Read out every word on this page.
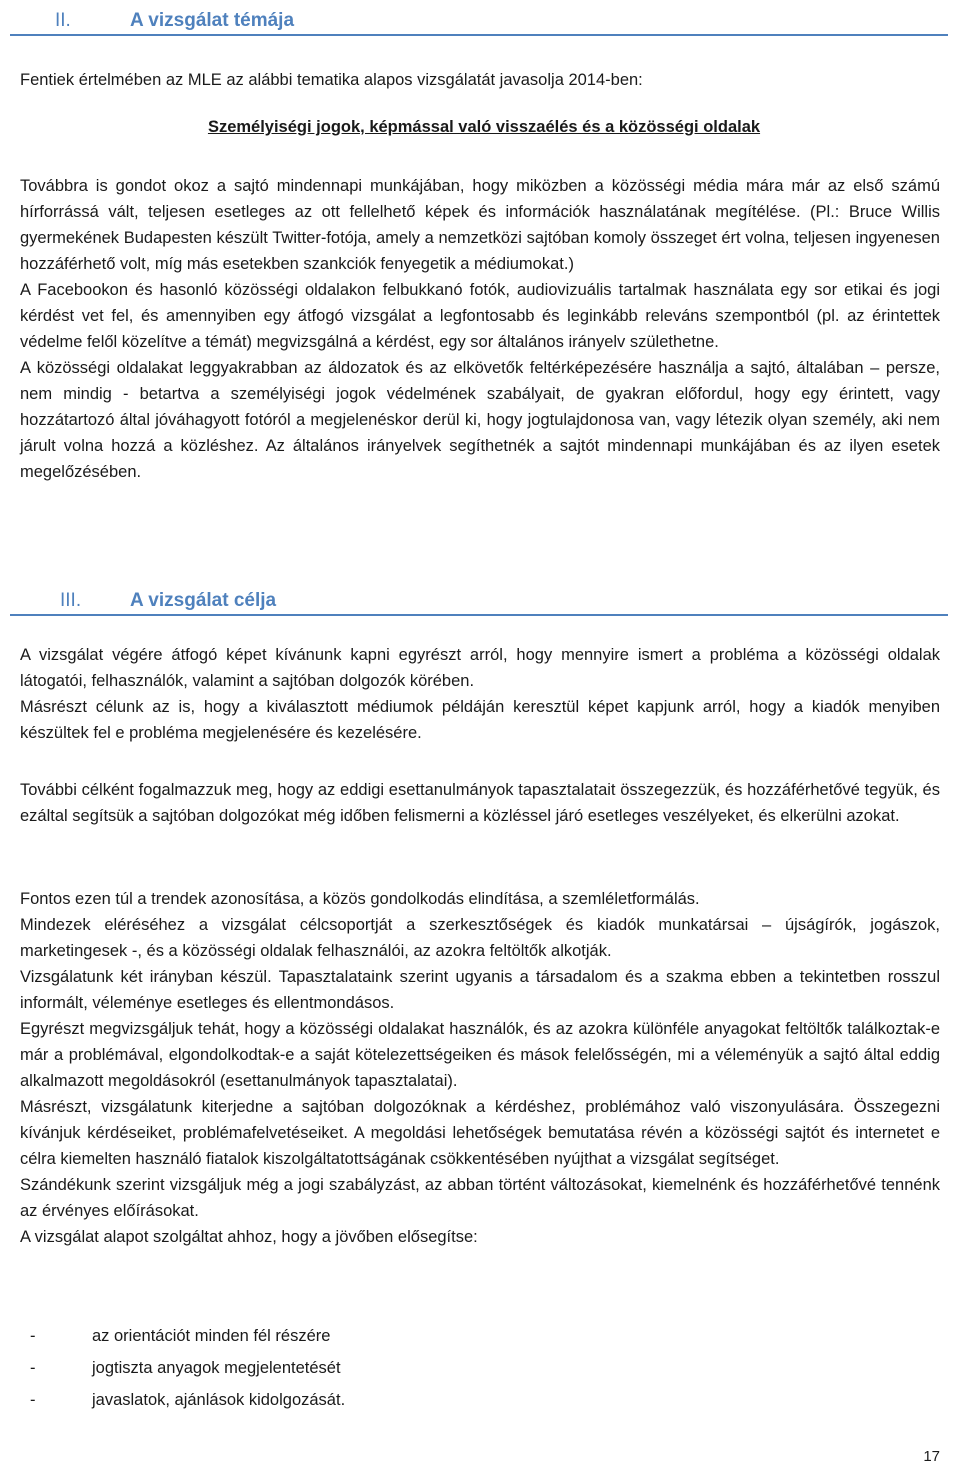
II.	A vizsgálat témája

Fentiek értelmében az MLE az alábbi tematika alapos vizsgálatát javasolja 2014-ben:

Személyiségi jogok, képmással való visszaélés és a közösségi oldalak

Továbbra is gondot okoz a sajtó mindennapi munkájában, hogy miközben a közösségi média mára már az első számú hírforrássá vált, teljesen esetleges az ott fellelhető képek és információk használatának megítélése. (Pl.: Bruce Willis gyermekének Budapesten készült Twitter-fotója, amely a nemzetközi sajtóban komoly összeget ért volna, teljesen ingyenesen hozzáférhető volt, míg más esetekben szankciók fenyegetik a médiumokat.)

A Facebookon és hasonló közösségi oldalakon felbukkanó fotók, audiovizuális tartalmak használata egy sor etikai és jogi kérdést vet fel, és amennyiben egy átfogó vizsgálat a legfontosabb és leginkább releváns szempontból (pl. az érintettek védelme felől közelítve a témát) megvizsgálná a kérdést, egy sor általános irányelv születhetne.

A közösségi oldalakat leggyakrabban az áldozatok és az elkövetők feltérképezésére használja a sajtó, általában – persze, nem mindig - betartva a személyiségi jogok védelmének szabályait, de gyakran előfordul, hogy egy érintett, vagy hozzátartozó által jóváhagyott fotóról a megjelenéskor derül ki, hogy jogtulajdonosa van, vagy létezik olyan személy, aki nem járult volna hozzá a közléshez. Az általános irányelvek segíthetnék a sajtót mindennapi munkájában és az ilyen esetek megelőzésében.

III.	A vizsgálat célja

A vizsgálat végére átfogó képet kívánunk kapni egyrészt arról, hogy mennyire ismert a probléma a közösségi oldalak látogatói, felhasználók, valamint a sajtóban dolgozók körében.

Másrészt célunk az is, hogy a kiválasztott médiumok példáján keresztül képet kapjunk arról, hogy a kiadók menyiben készültek fel e probléma megjelenésére és kezelésére.

További célként fogalmazzuk meg, hogy az eddigi esettanulmányok tapasztalatait összegezzük, és hozzáférhetővé tegyük, és ezáltal segítsük a sajtóban dolgozókat még időben felismerni a közléssel járó esetleges veszélyeket, és elkerülni azokat.

Fontos ezen túl a trendek azonosítása, a közös gondolkodás elindítása, a szemléletformálás.

Mindezek eléréséhez a vizsgálat célcsoportját a szerkesztőségek és kiadók munkatársai – újságírók, jogászok, marketingesek -, és a közösségi oldalak felhasználói, az azokra feltöltők alkotják.

Vizsgálatunk két irányban készül. Tapasztalataink szerint ugyanis a társadalom és a szakma ebben a tekintetben rosszul informált, véleménye esetleges és ellentmondásos.

Egyrészt megvizsgáljuk tehát, hogy a közösségi oldalakat használók, és az azokra különféle anyagokat feltöltők találkoztak-e már a problémával, elgondolkodtak-e a saját kötelezettségeiken és mások felelősségén, mi a véleményük a sajtó által eddig alkalmazott megoldásokról (esettanulmányok tapasztalatai).

Másrészt, vizsgálatunk kiterjedne a sajtóban dolgozóknak a kérdéshez, problémához való viszonyulására. Összegezni kívánjuk kérdéseiket, problémafelvetéseiket. A megoldási lehetőségek bemutatása révén a közösségi sajtót és internetet e célra kiemelten használó fiatalok kiszolgáltatottságának csökkentésében nyújthat a vizsgálat segítséget.

Szándékunk szerint vizsgáljuk még a jogi szabályzást, az abban történt változásokat, kiemelnénk és hozzáférhetővé tennénk az érvényes előírásokat.

A vizsgálat alapot szolgáltat ahhoz, hogy a jövőben elősegítse:

-	az orientációt minden fél részére
-	jogtiszta anyagok megjelentetését
-	javaslatok, ajánlások kidolgozását.
17
